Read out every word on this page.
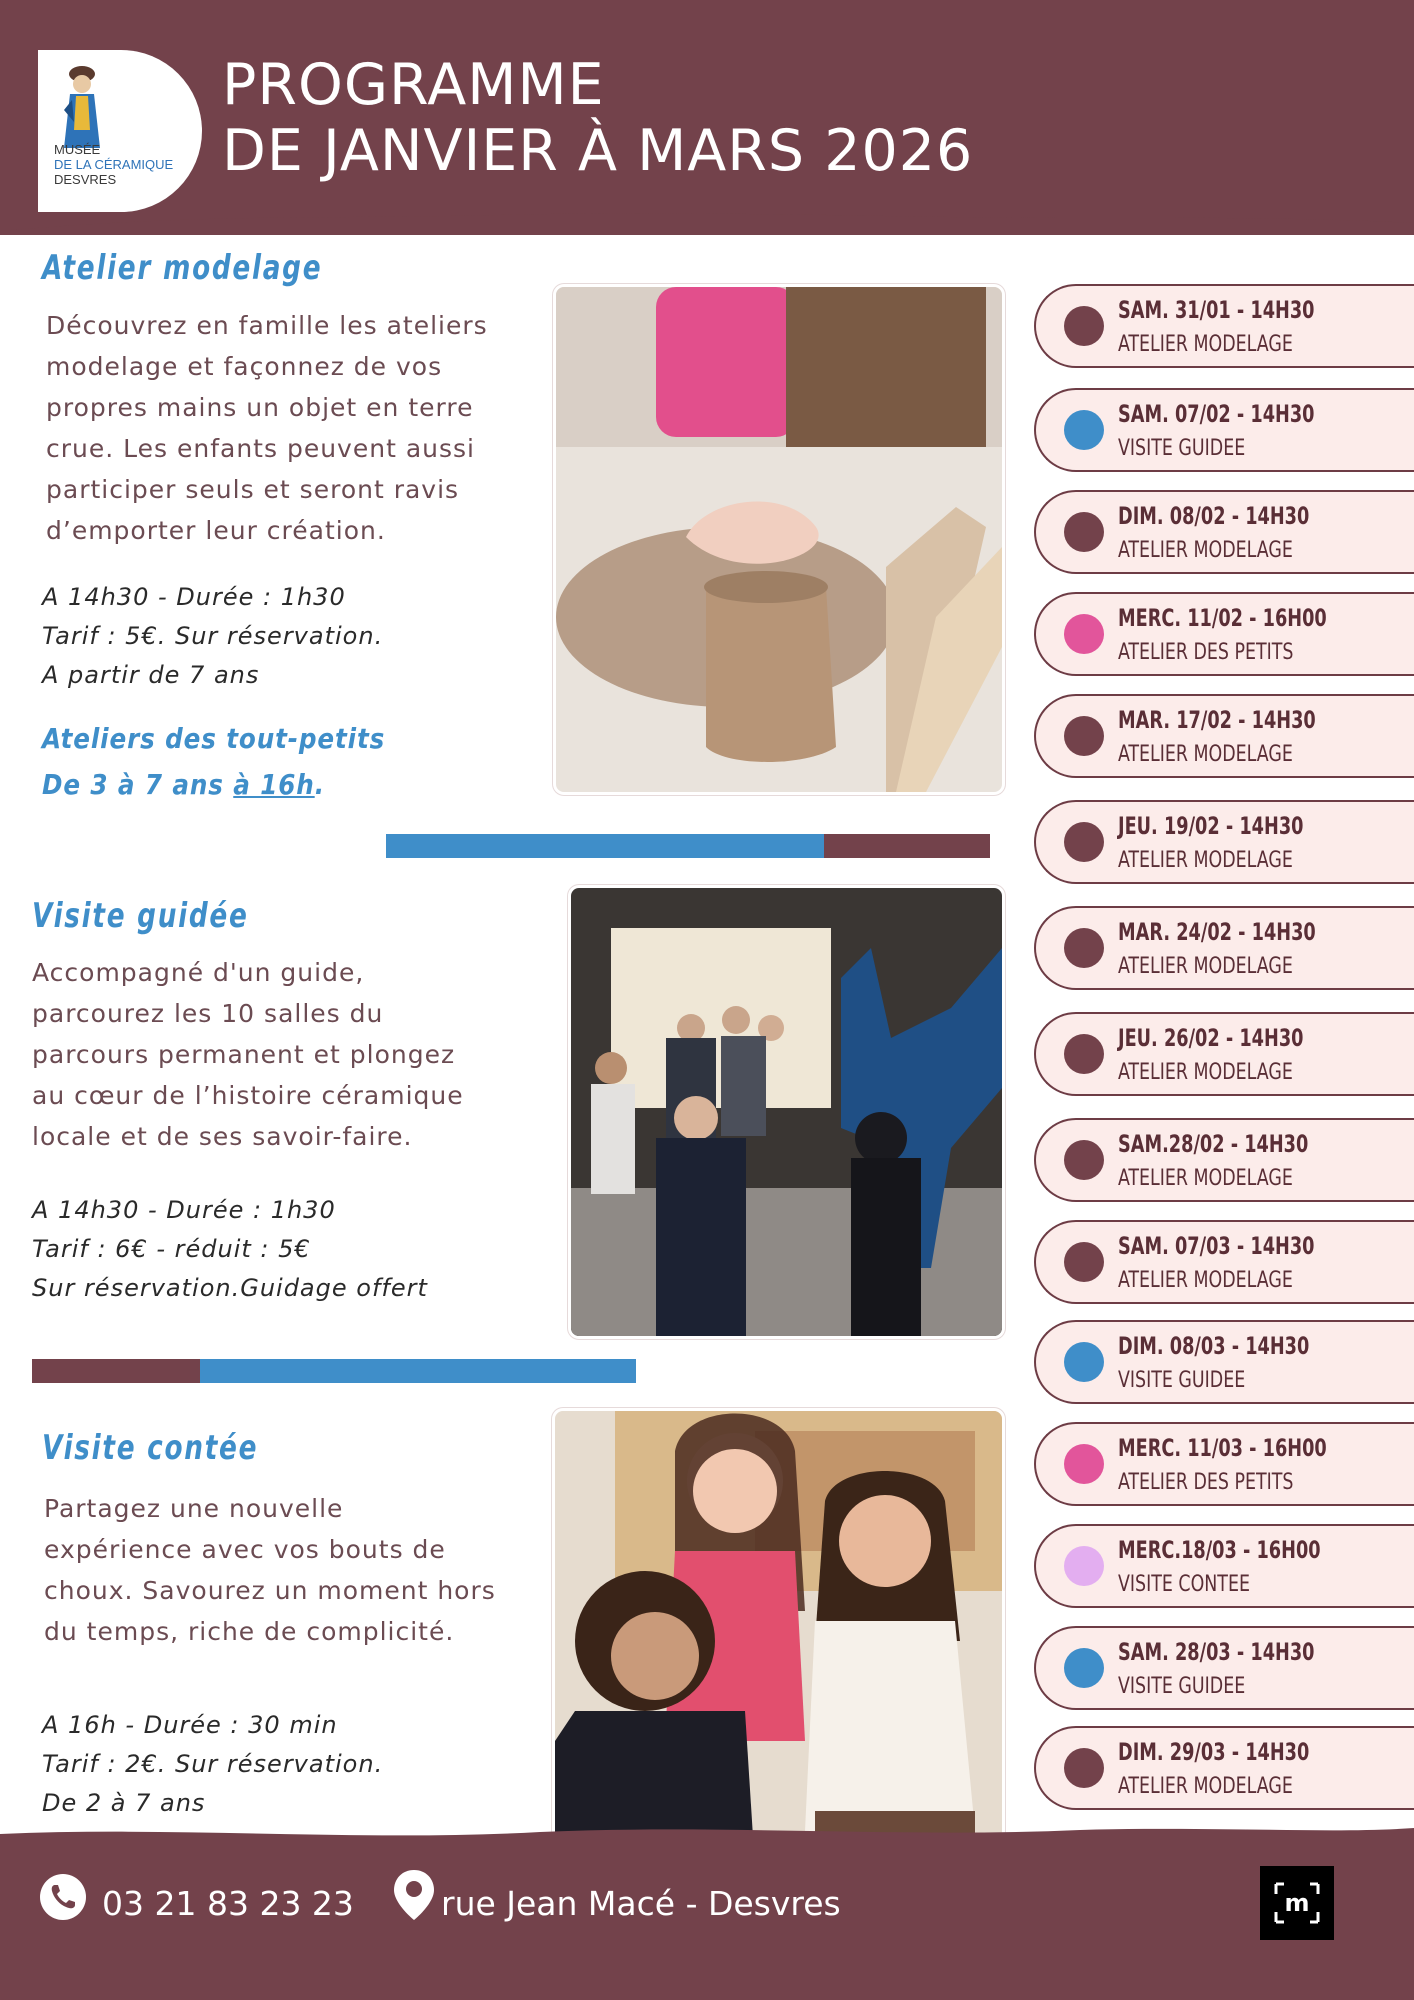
MUSÉE
DE LA CÉRAMIQUE
DESVRES
PROGRAMME
DE JANVIER À MARS 2026
Atelier modelage
Découvrez en famille les ateliers
modelage et façonnez de vos
propres mains un objet en terre
crue. Les enfants peuvent aussi
participer seuls et seront ravis
d’emporter leur création.
A 14h30 - Durée : 1h30
Tarif : 5€. Sur réservation.
A partir de 7 ans
Ateliers des tout-petits
De 3 à 7 ans à 16h.
Visite guidée
Accompagné d'un guide,
parcourez les 10 salles du
parcours permanent et plongez
au cœur de l’histoire céramique
locale et de ses savoir-faire.
A 14h30 - Durée : 1h30
Tarif : 6€ - réduit : 5€
Sur réservation.Guidage offert
Visite contée
Partagez une nouvelle
expérience avec vos bouts de
choux. Savourez un moment hors
du temps, riche de complicité.
A 16h - Durée : 30 min
Tarif : 2€. Sur réservation.
De 2 à 7 ans
SAM. 31/01 - 14H30
ATELIER MODELAGE
SAM. 07/02 - 14H30
VISITE GUIDEE
DIM. 08/02 - 14H30
ATELIER MODELAGE
MERC. 11/02 - 16H00
ATELIER DES PETITS
MAR. 17/02 - 14H30
ATELIER MODELAGE
JEU. 19/02 - 14H30
ATELIER MODELAGE
MAR. 24/02 - 14H30
ATELIER MODELAGE
JEU. 26/02 - 14H30
ATELIER MODELAGE
SAM.28/02 - 14H30
ATELIER MODELAGE
SAM. 07/03 - 14H30
ATELIER MODELAGE
DIM. 08/03 - 14H30
VISITE GUIDEE
MERC. 11/03 - 16H00
ATELIER DES PETITS
MERC.18/03 - 16H00
VISITE CONTEE
SAM. 28/03 - 14H30
VISITE GUIDEE
DIM. 29/03 - 14H30
ATELIER MODELAGE
03 21 83 23 23	rue Jean Macé - Desvres	m
